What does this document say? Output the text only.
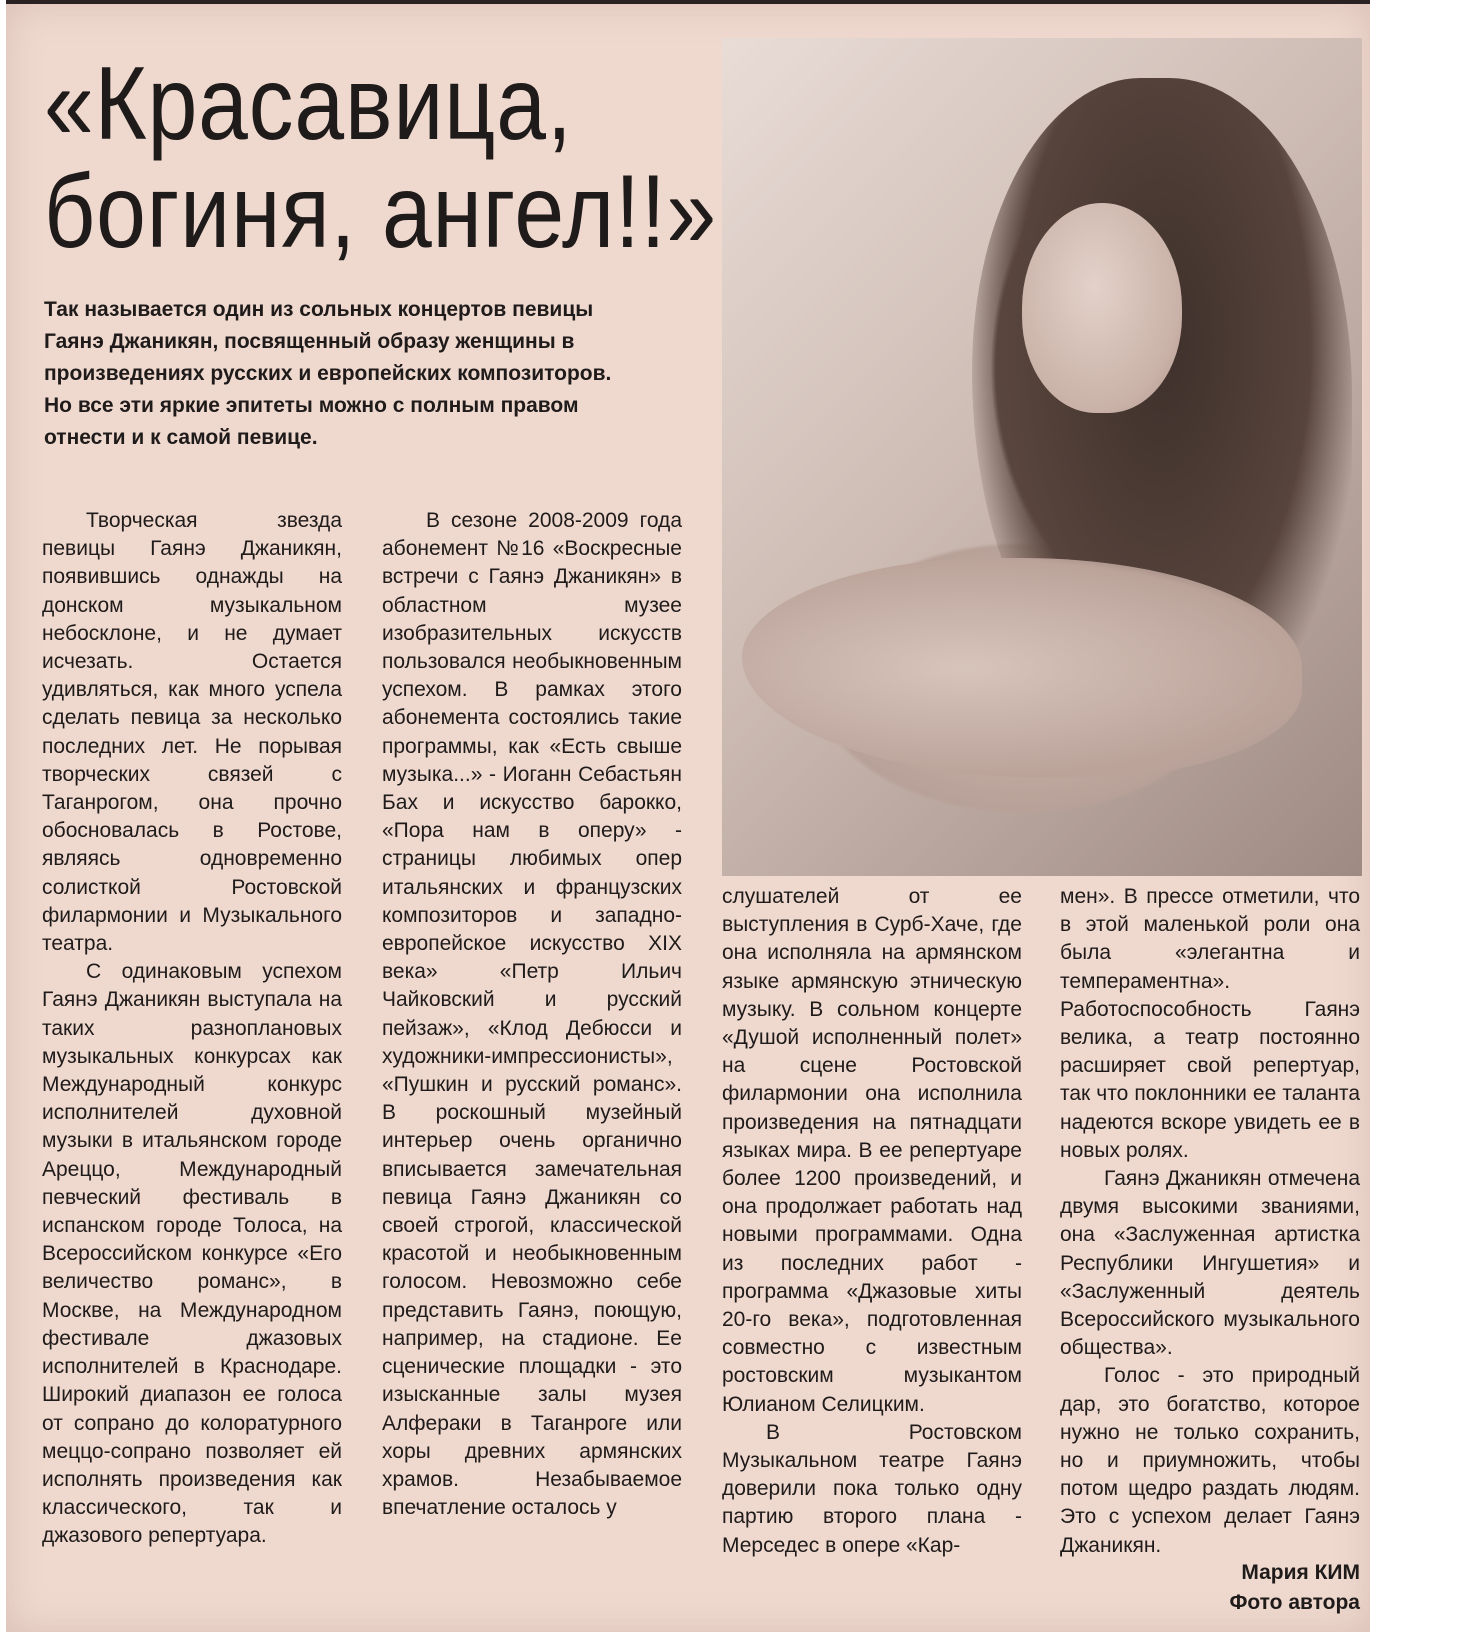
«Красавица,
богиня, ангел!!»
Так называется один из сольных концертов певицы Гаянэ Джаникян, посвященный образу женщины в произведениях русских и европейских композиторов. Но все эти яркие эпитеты можно с полным правом отнести и к самой певице.

Творческая звезда певицы Гаянэ Джаникян, появившись однажды на донском музыкальном небосклоне, и не думает исчезать. Остается удивляться, как много успела сделать певица за несколько последних лет. Не порывая творческих связей с Таганрогом, она прочно обосновалась в Ростове, являясь одновременно солисткой Ростовской филармонии и Музыкального театра.

С одинаковым успехом Гаянэ Джаникян выступала на таких разноплановых музыкальных конкурсах как Международный конкурс исполнителей духовной музыки в итальянском городе Ареццо, Международный певческий фестиваль в испанском городе Толоса, на Всероссийском конкурсе «Его величество романс», в Москве, на Международном фестивале джазовых исполнителей в Краснодаре. Широкий диапазон ее голоса от сопрано до колоратурного меццо-сопрано позволяет ей исполнять произведения как классического, так и джазового репертуара.

В сезоне 2008-2009 года абонемент №16 «Воскресные встречи с Гаянэ Джаникян» в областном музее изобразительных искусств пользовался необыкновенным успехом. В рамках этого абонемента состоялись такие программы, как «Есть свыше музыка...» - Иоганн Себастьян Бах и искусство барокко, «Пора нам в оперу» - страницы любимых опер итальянских и французских композиторов и западно-европейское искусство XIX века» «Петр Ильич Чайковский и русский пейзаж», «Клод Дебюсси и художники-импрессионисты», «Пушкин и русский романс». В роскошный музейный интерьер очень органично вписывается замечательная певица Гаянэ Джаникян со своей строгой, классической красотой и необыкновенным голосом. Невозможно себе представить Гаянэ, поющую, например, на стадионе. Ее сценические площадки - это изысканные залы музея Алфераки в Таганроге или хоры древних армянских храмов. Незабываемое впечатление осталось у

слушателей от ее выступления в Сурб-Хаче, где она исполняла на армянском языке армянскую этническую музыку. В сольном концерте «Душой исполненный полет» на сцене Ростовской филармонии она исполнила произведения на пятнадцати языках мира. В ее репертуаре более 1200 произведений, и она продолжает работать над новыми программами. Одна из последних работ - программа «Джазовые хиты 20-го века», подготовленная совместно с известным ростовским музыкантом Юлианом Селицким.

В Ростовском Музыкальном театре Гаянэ доверили пока только одну партию второго плана - Мерседес в опере «Кар-

мен». В прессе отметили, что в этой маленькой роли она была «элегантна и темпераментна». Работоспособность Гаянэ велика, а театр постоянно расширяет свой репертуар, так что поклонники ее таланта надеются вскоре увидеть ее в новых ролях.

Гаянэ Джаникян отмечена двумя высокими званиями, она «Заслуженная артистка Республики Ингушетия» и «Заслуженный деятель Всероссийского музыкального общества».

Голос - это природный дар, это богатство, которое нужно не только сохранить, но и приумножить, чтобы потом щедро раздать людям. Это с успехом делает Гаянэ Джаникян.

Мария КИМ
Фото автора
